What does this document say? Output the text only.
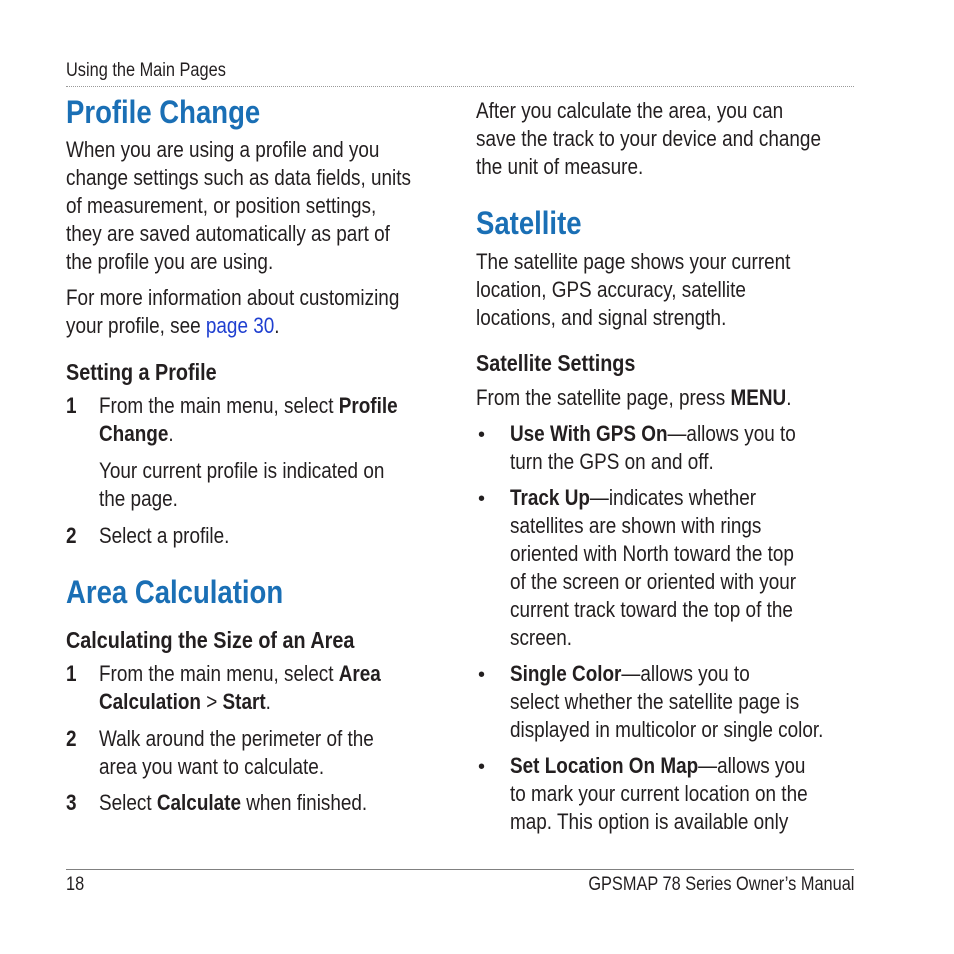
Using the Main Pages
Profile Change
When you are using a profile and you
change settings such as data fields, units
of measurement, or position settings,
they are saved automatically as part of
the profile you are using.
For more information about customizing
your profile, see page 30.
Setting a Profile
1 From the main menu, select Profile
Change.
Your current profile is indicated on
the page.
2 Select a profile.
Area Calculation
Calculating the Size of an Area
1 From the main menu, select Area
Calculation > Start.
2 Walk around the perimeter of the
area you want to calculate.
3 Select Calculate when finished.
After you calculate the area, you can
save the track to your device and change
the unit of measure.
Satellite
The satellite page shows your current
location, GPS accuracy, satellite
locations, and signal strength.
Satellite Settings
From the satellite page, press MENU.
• Use With GPS On—allows you to
turn the GPS on and off.
• Track Up—indicates whether
satellites are shown with rings
oriented with North toward the top
of the screen or oriented with your
current track toward the top of the
screen.
• Single Color—allows you to
select whether the satellite page is
displayed in multicolor or single color.
• Set Location On Map—allows you
to mark your current location on the
map. This option is available only
18	GPSMAP 78 Series Owner’s Manual
